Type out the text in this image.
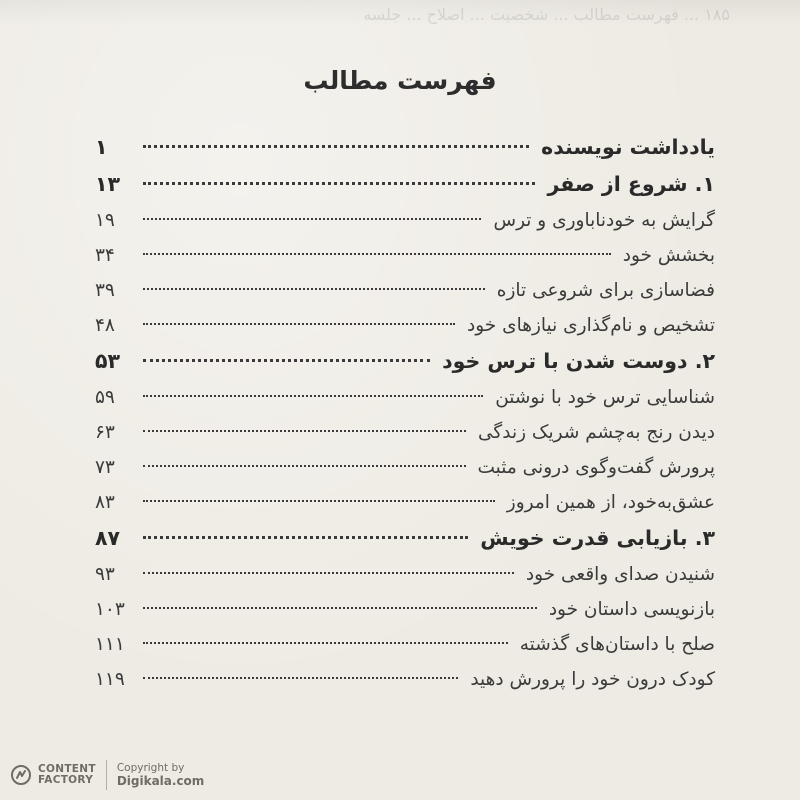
۱۸۵ ... فهرست مطالب ... شخصیت ... اصلاح ... جلسه
فهرست مطالب
یادداشت نویسنده
۱
۱. شروع از صفر
۱۳
گرایش به خودناباوری و ترس
۱۹
بخشش خود
۳۴
فضاسازی برای شروعی تازه
۳۹
تشخیص و نام‌گذاری نیازهای خود
۴۸
۲. دوست شدن با ترس خود
۵۳
شناسایی ترس خود با نوشتن
۵۹
دیدن رنج به‌چشم شریک زندگی
۶۳
پرورش گفت‌وگوی درونی مثبت
۷۳
عشق‌به‌خود، از همین امروز
۸۳
۳. بازیابی قدرت خویش
۸۷
شنیدن صدای واقعی خود
۹۳
بازنویسی داستان خود
۱۰۳
صلح با داستان‌های گذشته
۱۱۱
کودک درون خود را پرورش دهید
۱۱۹
CONTENT
FACTORY
Copyright by
Digikala.com
